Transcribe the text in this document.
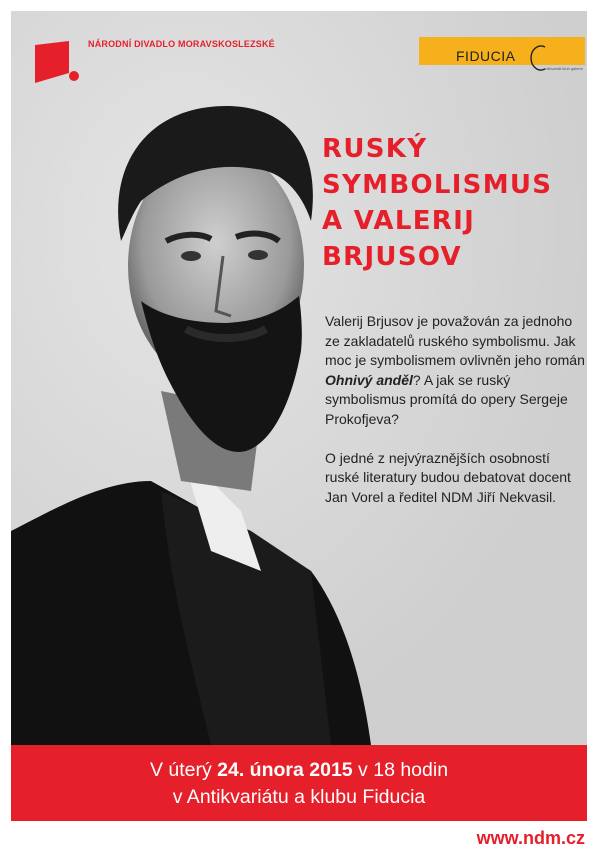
NÁRODNÍ DIVADLO MORAVSKOSLEZSKÉ
FIDUCIA
antikvariát klub galerie
RUSKÝ
SYMBOLISMUS
A VALERIJ
BRJUSOV

Valerij Brjusov je považován za jednoho ze zakladatelů ruského symbolismu. Jak moc je symbolismem ovlivněn jeho román Ohnivý anděl? A jak se ruský symbolismus promítá do opery Sergeje Prokofjeva?

O jedné z nejvýraznějších osobností ruské literatury budou debatovat docent Jan Vorel a ředitel NDM Jiří Nekvasil.

V úterý 24. února 2015 v 18 hodin
v Antikvariátu a klubu Fiducia
www.ndm.cz
